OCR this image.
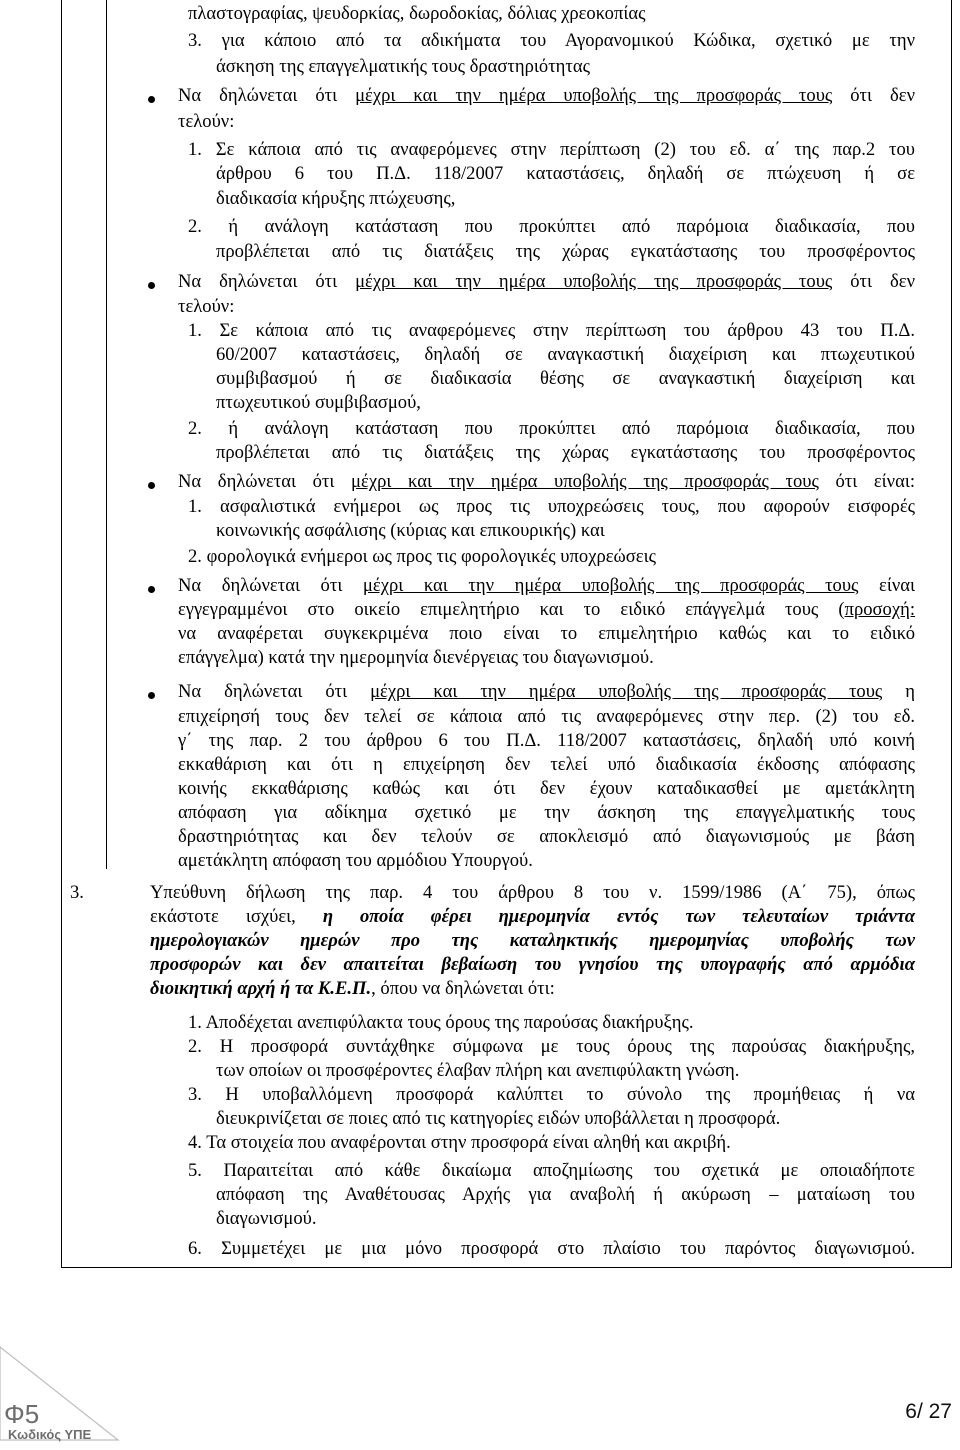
πλαστογραφίας, ψευδορκίας, δωροδοκίας, δόλιας χρεοκοπίας
3. για κάποιο από τα αδικήματα του Αγορανομικού Κώδικα, σχετικό με την
άσκηση της επαγγελματικής τους δραστηριότητας
Να δηλώνεται ότι μέχρι και την ημέρα υποβολής της προσφοράς τους ότι δεν
τελούν:
1. Σε κάποια από τις αναφερόμενες στην περίπτωση (2) του εδ. α΄ της παρ.2 του
άρθρου 6 του Π.Δ. 118/2007 καταστάσεις, δηλαδή σε πτώχευση ή σε
διαδικασία κήρυξης πτώχευσης,
2. ή ανάλογη κατάσταση που προκύπτει από παρόμοια διαδικασία, που
προβλέπεται από τις διατάξεις της χώρας εγκατάστασης του προσφέροντος
Να δηλώνεται ότι μέχρι και την ημέρα υποβολής της προσφοράς τους ότι δεν
τελούν:
1. Σε κάποια από τις αναφερόμενες στην περίπτωση του άρθρου 43 του Π.Δ.
60/2007 καταστάσεις, δηλαδή σε αναγκαστική διαχείριση και πτωχευτικού
συμβιβασμού ή σε διαδικασία θέσης σε αναγκαστική διαχείριση και
πτωχευτικού συμβιβασμού,
2. ή ανάλογη κατάσταση που προκύπτει από παρόμοια διαδικασία, που
προβλέπεται από τις διατάξεις της χώρας εγκατάστασης του προσφέροντος
Να δηλώνεται ότι μέχρι και την ημέρα υποβολής της προσφοράς τους ότι είναι:
1. ασφαλιστικά ενήμεροι ως προς τις υποχρεώσεις τους, που αφορούν εισφορές
κοινωνικής ασφάλισης (κύριας και επικουρικής) και
2. φορολογικά ενήμεροι ως προς τις φορολογικές υποχρεώσεις
Να δηλώνεται ότι μέχρι και την ημέρα υποβολής της προσφοράς τους είναι
εγγεγραμμένοι στο οικείο επιμελητήριο και το ειδικό επάγγελμά τους (προσοχή:
να αναφέρεται συγκεκριμένα ποιο είναι το επιμελητήριο καθώς και το ειδικό
επάγγελμα) κατά την ημερομηνία διενέργειας του διαγωνισμού.
Να δηλώνεται ότι μέχρι και την ημέρα υποβολής της προσφοράς τους η
επιχείρησή τους δεν τελεί σε κάποια από τις αναφερόμενες στην περ. (2) του εδ.
γ΄ της παρ. 2 του άρθρου 6 του Π.Δ. 118/2007 καταστάσεις, δηλαδή υπό κοινή
εκκαθάριση και ότι η επιχείρηση δεν τελεί υπό διαδικασία έκδοσης απόφασης
κοινής εκκαθάρισης καθώς και ότι δεν έχουν καταδικασθεί με αμετάκλητη
απόφαση για αδίκημα σχετικό με την άσκηση της επαγγελματικής τους
δραστηριότητας και δεν τελούν σε αποκλεισμό από διαγωνισμούς με βάση
αμετάκλητη απόφαση του αρμόδιου Υπουργού.
3.	Υπεύθυνη δήλωση της παρ. 4 του άρθρου 8 του ν. 1599/1986 (Α΄ 75), όπως
εκάστοτε ισχύει, η οποία φέρει ημερομηνία εντός των τελευταίων τριάντα
ημερολογιακών ημερών προ της καταληκτικής ημερομηνίας υποβολής των
προσφορών και δεν απαιτείται βεβαίωση του γνησίου της υπογραφής από αρμόδια
διοικητική αρχή ή τα Κ.Ε.Π., όπου να δηλώνεται ότι:
1. Αποδέχεται ανεπιφύλακτα τους όρους της παρούσας διακήρυξης.
2. Η προσφορά συντάχθηκε σύμφωνα με τους όρους της παρούσας διακήρυξης,
των οποίων οι προσφέροντες έλαβαν πλήρη και ανεπιφύλακτη γνώση.
3. Η υποβαλλόμενη προσφορά καλύπτει το σύνολο της προμήθειας ή να
διευκρινίζεται σε ποιες από τις κατηγορίες ειδών υποβάλλεται η προσφορά.
4. Τα στοιχεία που αναφέρονται στην προσφορά είναι αληθή και ακριβή.
5. Παραιτείται από κάθε δικαίωμα αποζημίωσης του σχετικά με οποιαδήποτε
απόφαση της Αναθέτουσας Αρχής για αναβολή ή ακύρωση – ματαίωση του
διαγωνισμού.
6. Συμμετέχει με μια μόνο προσφορά στο πλαίσιο του παρόντος διαγωνισμού.
Φ5
Κωδικός ΥΠΕ
6/ 27
